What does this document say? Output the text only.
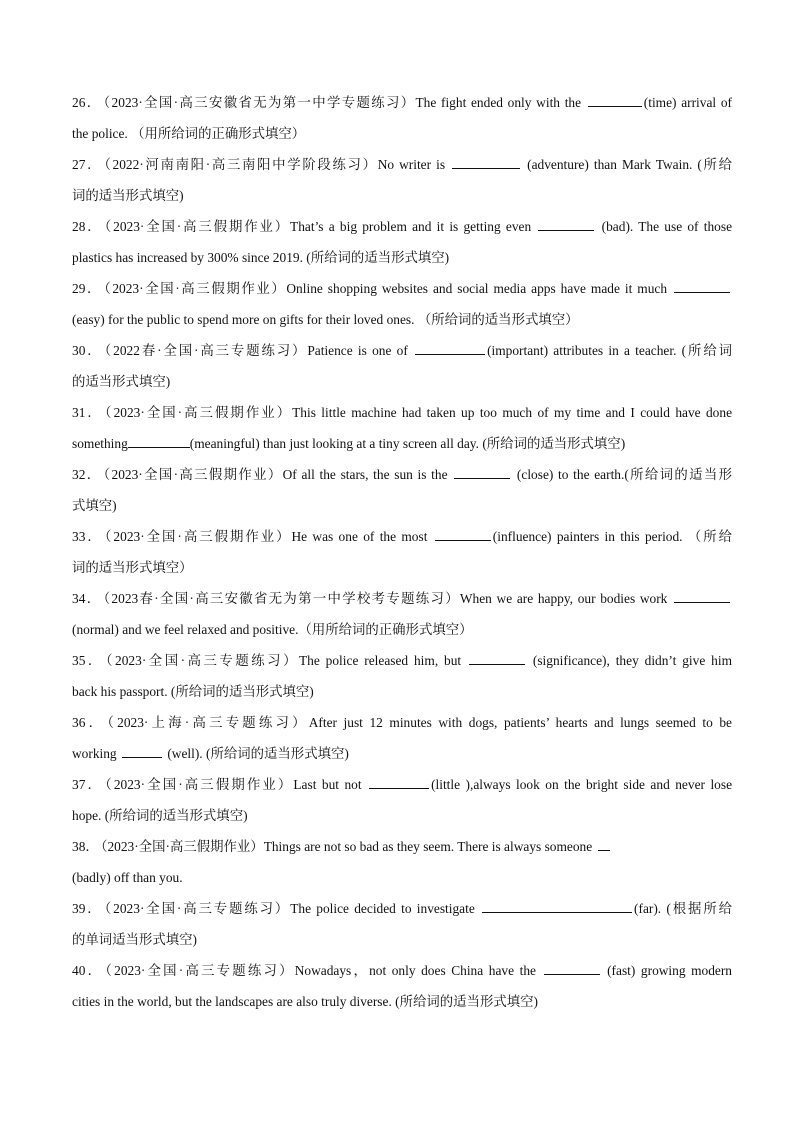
26． （2023·全国·高三安徽省无为第一中学专题练习）The fight ended only with the	(time) arrival of
the police. （用所给词的正确形式填空）
27． （2022·河南南阳·高三南阳中学阶段练习）No writer is	(adventure) than Mark Twain. (所给
词的适当形式填空)
28． （2023·全国·高三假期作业）That’s a big problem and it is getting even	(bad). The use of those
plastics has increased by 300% since 2019. (所给词的适当形式填空)
29． （2023·全国·高三假期作业）Online shopping websites and social media apps have made it much
(easy) for the public to spend more on gifts for their loved ones. （所给词的适当形式填空）
30． （2022春·全国·高三专题练习）Patience is one of	(important) attributes in a teacher. (所给词
的适当形式填空)
31． （2023·全国·高三假期作业）This little machine had taken up too much of my time and I could have done
something	(meaningful) than just looking at a tiny screen all day. (所给词的适当形式填空)
32． （2023·全国·高三假期作业）Of all the stars, the sun is the	(close) to the earth.(所给词的适当形
式填空)
33． （2023·全国·高三假期作业）He was one of the most	(influence) painters in this period. （所给
词的适当形式填空）
34． （2023春·全国·高三安徽省无为第一中学校考专题练习）When we are happy, our bodies work
(normal) and we feel relaxed and positive.（用所给词的正确形式填空）
35． （2023·全国·高三专题练习）The police released him, but	(significance), they didn’t give him
back his passport. (所给词的适当形式填空)
36． （2023·上海·高三专题练习）After just 12 minutes with dogs, patients’ hearts and lungs seemed to be
working	(well). (所给词的适当形式填空)
37． （2023·全国·高三假期作业）Last but not	(little ),always look on the bright side and never lose
hope. (所给词的适当形式填空)
38． （2023·全国·高三假期作业）Things are not so bad as they seem. There is always someone
(badly) off than you.
39． （2023·全国·高三专题练习）The police decided to investigate	(far). (根据所给
的单词适当形式填空)
40． （2023·全国·高三专题练习）Nowadays，not only does China have the	(fast) growing modern
cities in the world, but the landscapes are also truly diverse. (所给词的适当形式填空)
